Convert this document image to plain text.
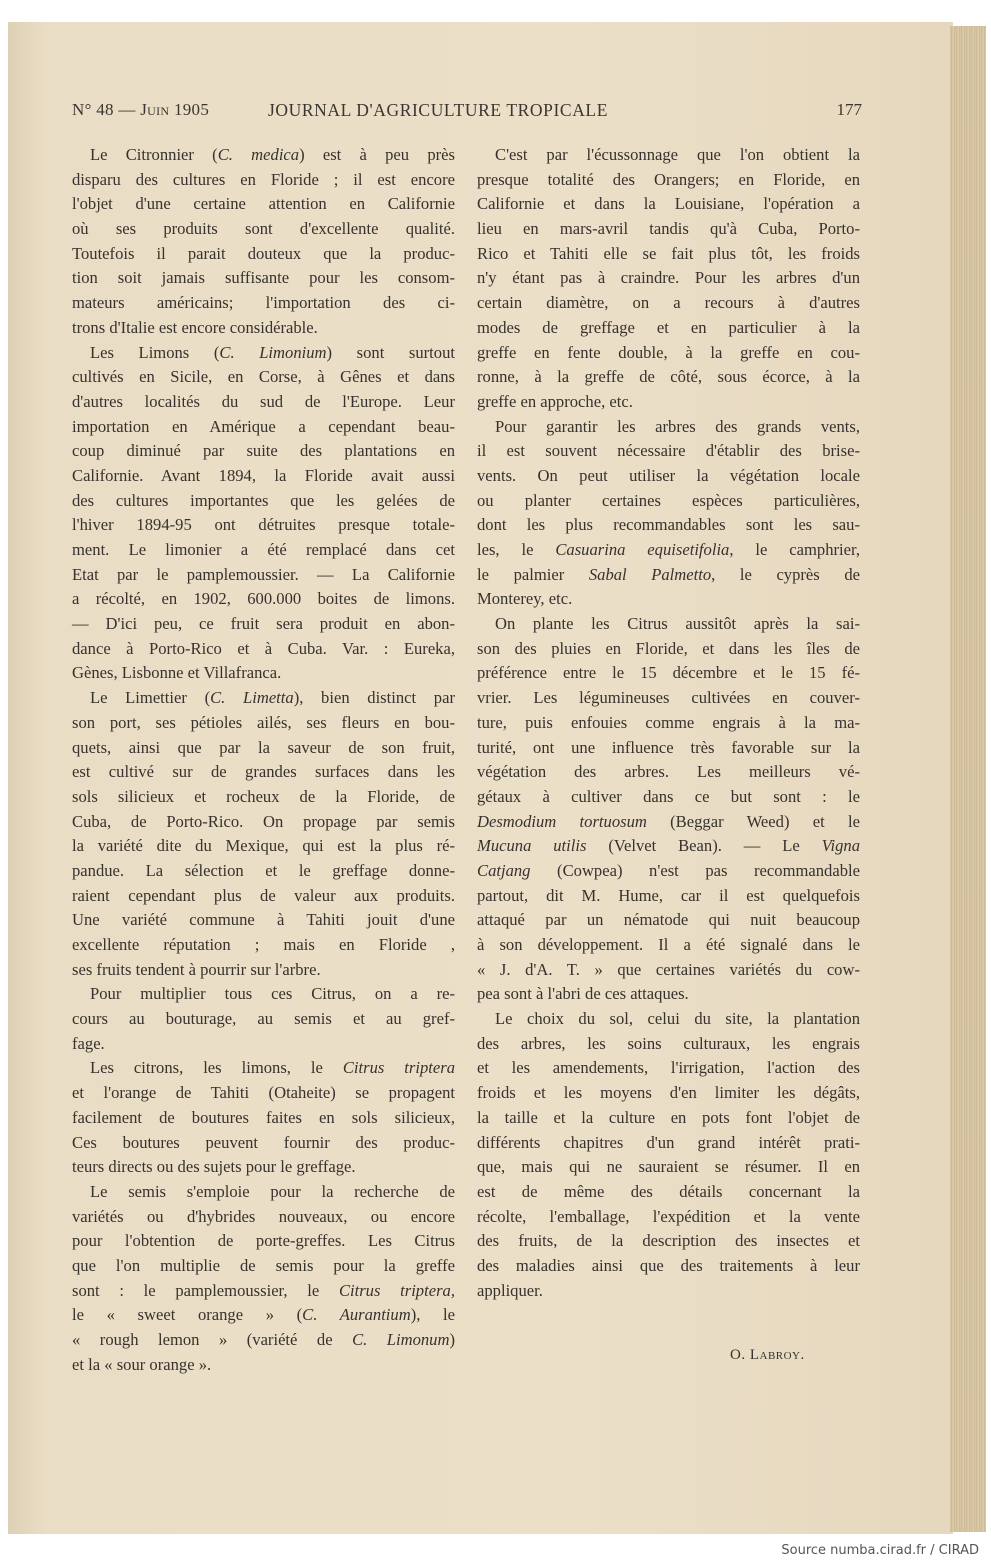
N° 48 — Juin 1905	JOURNAL D'AGRICULTURE TROPICALE	177
Le Citronnier (C. medica) est à peu près
disparu des cultures en Floride ; il est encore
l'objet d'une certaine attention en Californie
où ses produits sont d'excellente qualité.
Toutefois il parait douteux que la produc-
tion soit jamais suffisante pour les consom-
mateurs américains; l'importation des ci-
trons d'Italie est encore considérable.
Les Limons (C. Limonium) sont surtout
cultivés en Sicile, en Corse, à Gênes et dans
d'autres localités du sud de l'Europe. Leur
importation en Amérique a cependant beau-
coup diminué par suite des plantations en
Californie. Avant 1894, la Floride avait aussi
des cultures importantes que les gelées de
l'hiver 1894-95 ont détruites presque totale-
ment. Le limonier a été remplacé dans cet
Etat par le pamplemoussier. — La Californie
a récolté, en 1902, 600.000 boites de limons.
— D'ici peu, ce fruit sera produit en abon-
dance à Porto-Rico et à Cuba. Var. : Eureka,
Gènes, Lisbonne et Villafranca.
Le Limettier (C. Limetta), bien distinct par
son port, ses pétioles ailés, ses fleurs en bou-
quets, ainsi que par la saveur de son fruit,
est cultivé sur de grandes surfaces dans les
sols silicieux et rocheux de la Floride, de
Cuba, de Porto-Rico. On propage par semis
la variété dite du Mexique, qui est la plus ré-
pandue. La sélection et le greffage donne-
raient cependant plus de valeur aux produits.
Une variété commune à Tahiti jouit d'une
excellente réputation ; mais en Floride ,
ses fruits tendent à pourrir sur l'arbre.
Pour multiplier tous ces Citrus, on a re-
cours au bouturage, au semis et au gref-
fage.
Les citrons, les limons, le Citrus triptera
et l'orange de Tahiti (Otaheite) se propagent
facilement de boutures faites en sols silicieux,
Ces boutures peuvent fournir des produc-
teurs directs ou des sujets pour le greffage.
Le semis s'emploie pour la recherche de
variétés ou d'hybrides nouveaux, ou encore
pour l'obtention de porte-greffes. Les Citrus
que l'on multiplie de semis pour la greffe
sont : le pamplemoussier, le Citrus triptera,
le « sweet orange » (C. Aurantium), le
« rough lemon » (variété de C. Limonum)
et la « sour orange ».
C'est par l'écussonnage que l'on obtient la
presque totalité des Orangers; en Floride, en
Californie et dans la Louisiane, l'opération a
lieu en mars-avril tandis qu'à Cuba, Porto-
Rico et Tahiti elle se fait plus tôt, les froids
n'y étant pas à craindre. Pour les arbres d'un
certain diamètre, on a recours à d'autres
modes de greffage et en particulier à la
greffe en fente double, à la greffe en cou-
ronne, à la greffe de côté, sous écorce, à la
greffe en approche, etc.
Pour garantir les arbres des grands vents,
il est souvent nécessaire d'établir des brise-
vents. On peut utiliser la végétation locale
ou planter certaines espèces particulières,
dont les plus recommandables sont les sau-
les, le Casuarina equisetifolia, le camphrier,
le palmier Sabal Palmetto, le cyprès de
Monterey, etc.
On plante les Citrus aussitôt après la sai-
son des pluies en Floride, et dans les îles de
préférence entre le 15 décembre et le 15 fé-
vrier. Les légumineuses cultivées en couver-
ture, puis enfouies comme engrais à la ma-
turité, ont une influence très favorable sur la
végétation des arbres. Les meilleurs vé-
gétaux à cultiver dans ce but sont : le
Desmodium tortuosum (Beggar Weed) et le
Mucuna utilis (Velvet Bean). — Le Vigna
Catjang (Cowpea) n'est pas recommandable
partout, dit M. Hume, car il est quelquefois
attaqué par un nématode qui nuit beaucoup
à son développement. Il a été signalé dans le
« J. d'A. T. » que certaines variétés du cow-
pea sont à l'abri de ces attaques.
Le choix du sol, celui du site, la plantation
des arbres, les soins culturaux, les engrais
et les amendements, l'irrigation, l'action des
froids et les moyens d'en limiter les dégâts,
la taille et la culture en pots font l'objet de
différents chapitres d'un grand intérêt prati-
que, mais qui ne sauraient se résumer. Il en
est de même des détails concernant la
récolte, l'emballage, l'expédition et la vente
des fruits, de la description des insectes et
des maladies ainsi que des traitements à leur
appliquer.
O. Labroy.
Source numba.cirad.fr / CIRAD
